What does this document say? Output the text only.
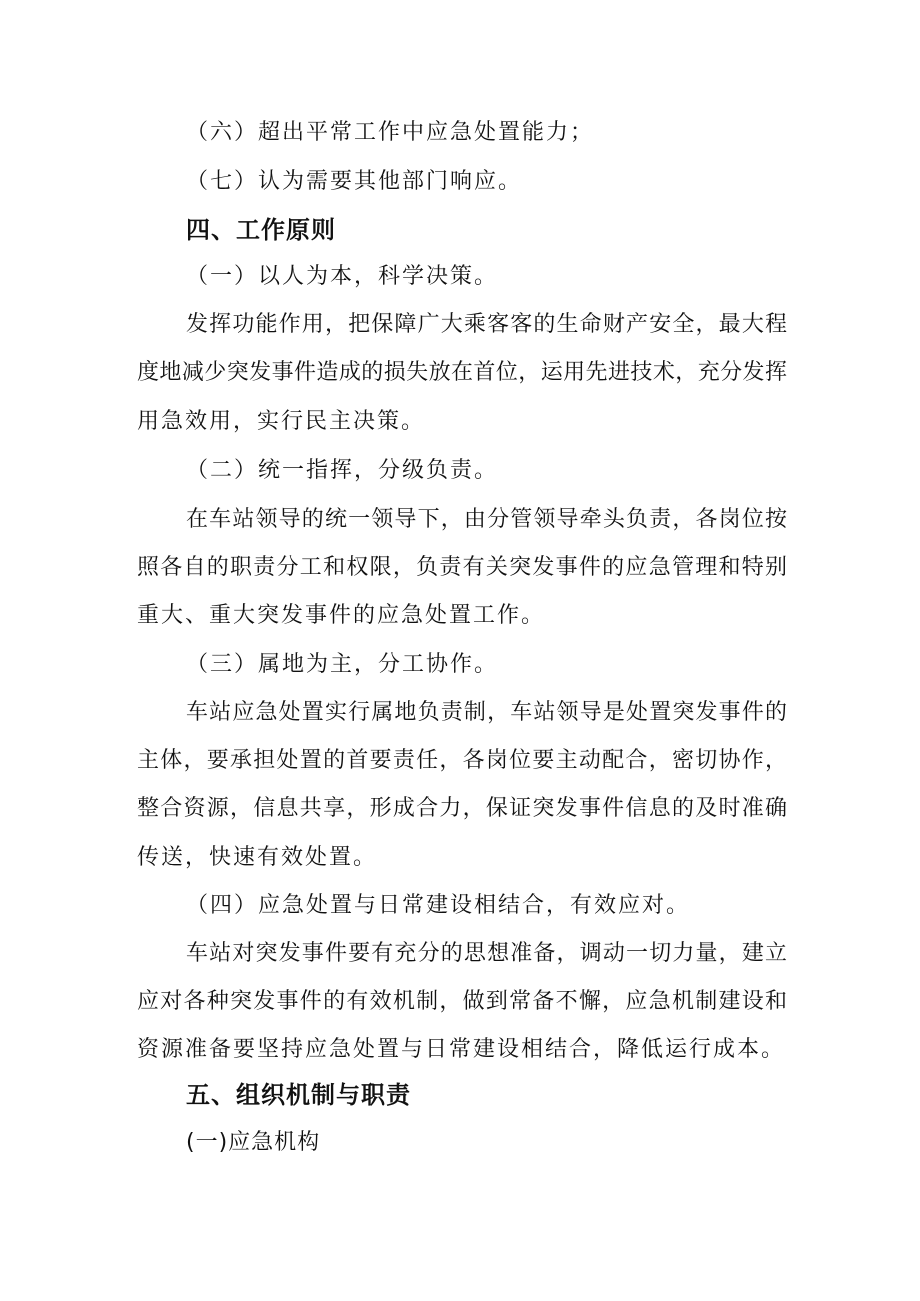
（六）超出平常工作中应急处置能力；
（七）认为需要其他部门响应。
四、工作原则
（一）以人为本，科学决策。
发挥功能作用，把保障广大乘客客的生命财产安全，最大程
度地减少突发事件造成的损失放在首位，运用先进技术，充分发挥
用急效用，实行民主决策。
（二）统一指挥，分级负责。
在车站领导的统一领导下，由分管领导牵头负责，各岗位按
照各自的职责分工和权限，负责有关突发事件的应急管理和特别
重大、重大突发事件的应急处置工作。
（三）属地为主，分工协作。
车站应急处置实行属地负责制，车站领导是处置突发事件的
主体，要承担处置的首要责任，各岗位要主动配合，密切协作，
整合资源，信息共享，形成合力，保证突发事件信息的及时准确
传送，快速有效处置。
（四）应急处置与日常建设相结合，有效应对。
车站对突发事件要有充分的思想准备，调动一切力量，建立
应对各种突发事件的有效机制，做到常备不懈，应急机制建设和
资源准备要坚持应急处置与日常建设相结合，降低运行成本。
五、组织机制与职责
(一)应急机构
